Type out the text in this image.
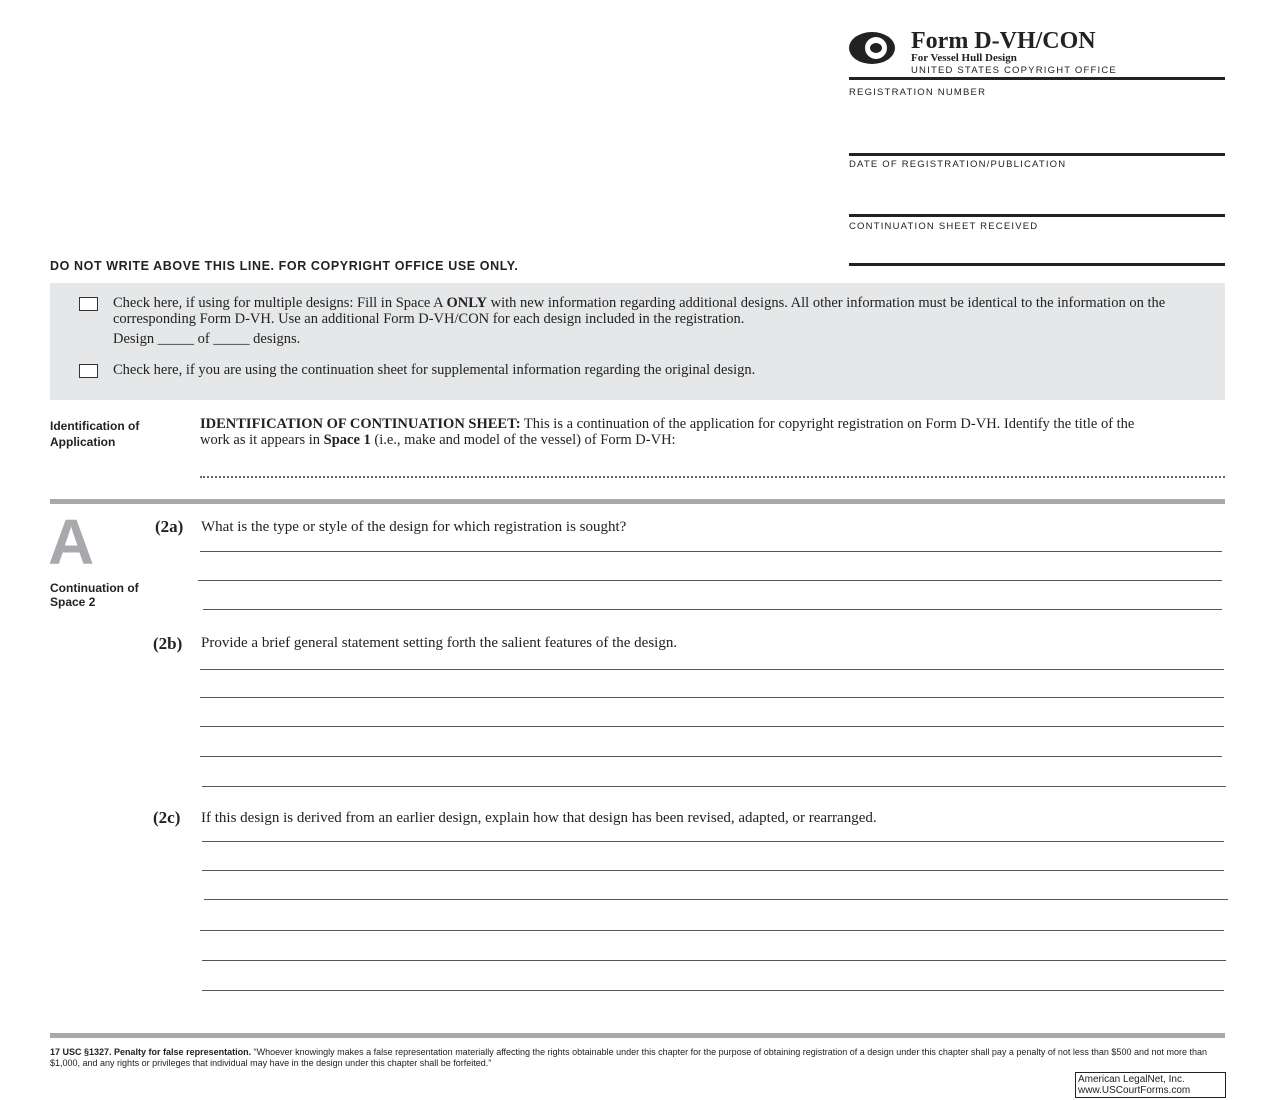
Form D-VH/CON
For Vessel Hull Design
UNITED STATES COPYRIGHT OFFICE
REGISTRATION NUMBER
DATE OF REGISTRATION/PUBLICATION
CONTINUATION SHEET RECEIVED
DO NOT WRITE ABOVE THIS LINE. FOR COPYRIGHT OFFICE USE ONLY.
Check here, if using for multiple designs: Fill in Space A ONLY with new information regarding additional designs. All other information must be identical to the information on the corresponding Form D-VH. Use an additional Form D-VH/CON for each design included in the registration.
Design _____ of _____ designs.
Check here, if you are using the continuation sheet for supplemental information regarding the original design.
Identification of Application
IDENTIFICATION OF CONTINUATION SHEET: This is a continuation of the application for copyright registration on Form D-VH. Identify the title of the work as it appears in Space 1 (i.e., make and model of the vessel) of Form D-VH:
A
Continuation of Space 2
(2a) What is the type or style of the design for which registration is sought?
(2b) Provide a brief general statement setting forth the salient features of the design.
(2c) If this design is derived from an earlier design, explain how that design has been revised, adapted, or rearranged.
17 USC §1327. Penalty for false representation. “Whoever knowingly makes a false representation materially affecting the rights obtainable under this chapter for the purpose of obtaining registration of a design under this chapter shall pay a penalty of not less than $500 and not more than $1,000, and any rights or privileges that individual may have in the design under this chapter shall be forfeited.”
American LegalNet, Inc.
www.USCourtForms.com
